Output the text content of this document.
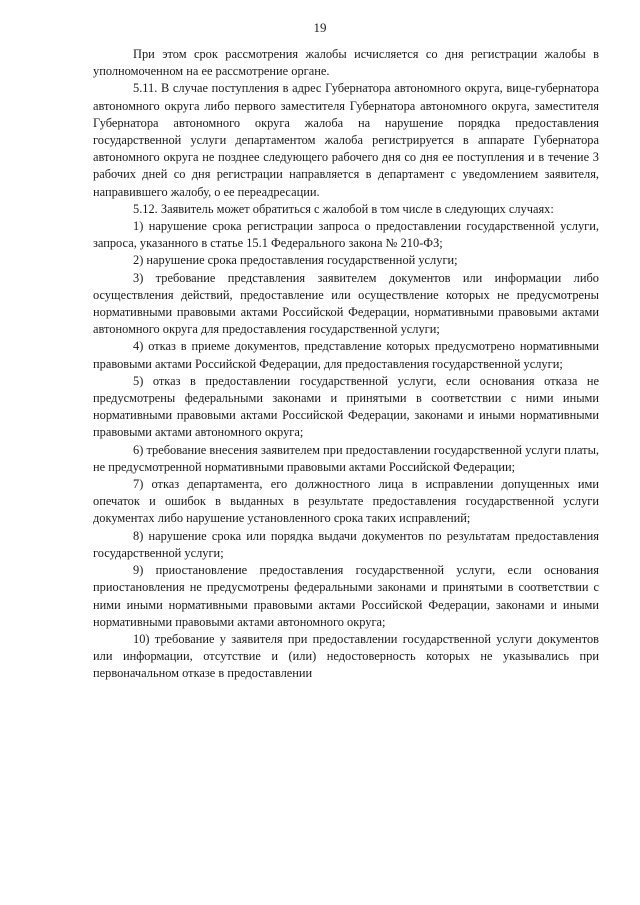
19

При этом срок рассмотрения жалобы исчисляется со дня регистрации жалобы в уполномоченном на ее рассмотрение органе.

5.11. В случае поступления в адрес Губернатора автономного округа, вице-губернатора автономного округа либо первого заместителя Губернатора автономного округа, заместителя Губернатора автономного округа жалоба на нарушение порядка предоставления государственной услуги департаментом жалоба регистрируется в аппарате Губернатора автономного округа не позднее следующего рабочего дня со дня ее поступления и в течение 3 рабочих дней со дня регистрации направляется в департамент с уведомлением заявителя, направившего жалобу, о ее переадресации.

5.12. Заявитель может обратиться с жалобой в том числе в следующих случаях:

1) нарушение срока регистрации запроса о предоставлении государственной услуги, запроса, указанного в статье 15.1 Федерального закона № 210-ФЗ;

2) нарушение срока предоставления государственной услуги;

3) требование представления заявителем документов или информации либо осуществления действий, предоставление или осуществление которых не предусмотрены нормативными правовыми актами Российской Федерации, нормативными правовыми актами автономного округа для предоставления государственной услуги;

4) отказ в приеме документов, представление которых предусмотрено нормативными правовыми актами Российской Федерации, для предоставления государственной услуги;

5) отказ в предоставлении государственной услуги, если основания отказа не предусмотрены федеральными законами и принятыми в соответствии с ними иными нормативными правовыми актами Российской Федерации, законами и иными нормативными правовыми актами автономного округа;

6) требование внесения заявителем при предоставлении государственной услуги платы, не предусмотренной нормативными правовыми актами Российской Федерации;

7) отказ департамента, его должностного лица в исправлении допущенных ими опечаток и ошибок в выданных в результате предоставления государственной услуги документах либо нарушение установленного срока таких исправлений;

8) нарушение срока или порядка выдачи документов по результатам предоставления государственной услуги;

9) приостановление предоставления государственной услуги, если основания приостановления не предусмотрены федеральными законами и принятыми в соответствии с ними иными нормативными правовыми актами Российской Федерации, законами и иными нормативными правовыми актами автономного округа;

10) требование у заявителя при предоставлении государственной услуги документов или информации, отсутствие и (или) недостоверность которых не указывались при первоначальном отказе в предоставлении
